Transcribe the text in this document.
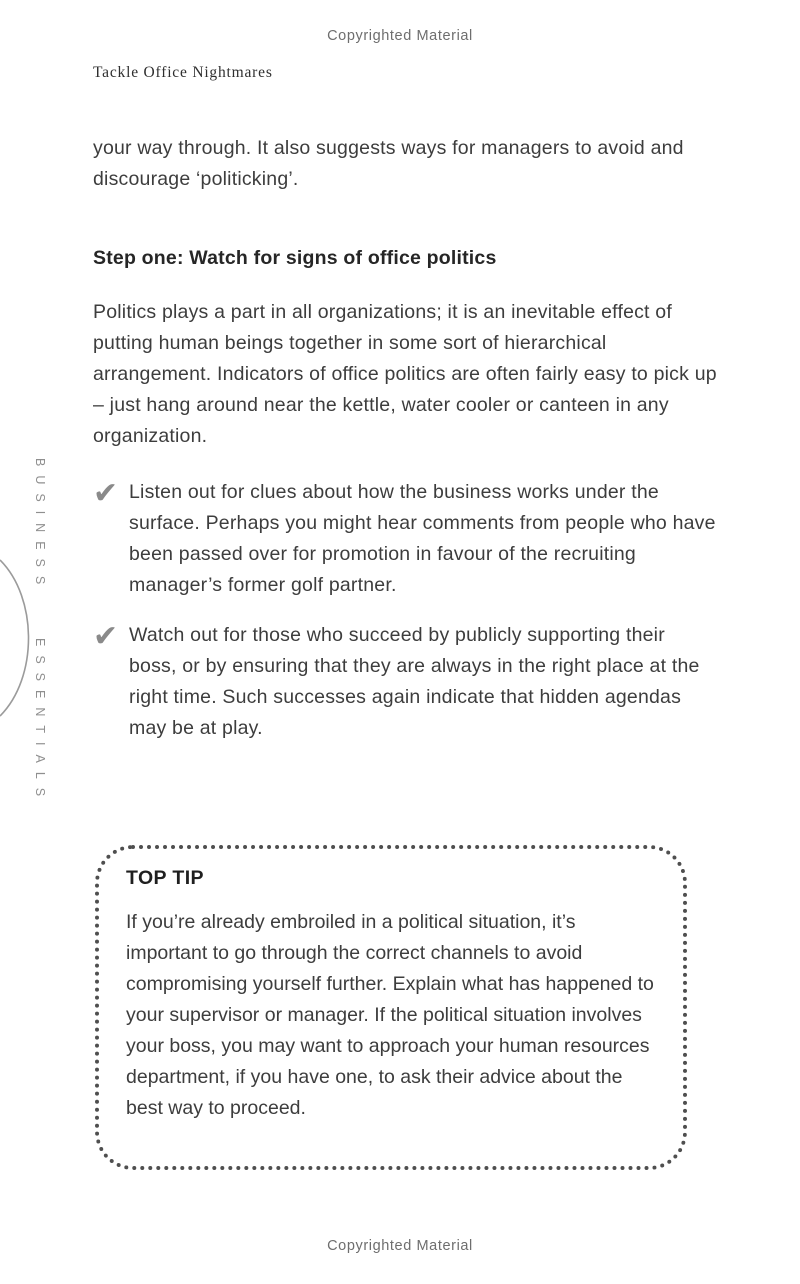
Copyrighted Material
Tackle Office Nightmares
BUSINESS
ESSENTIALS

your way through. It also suggests ways for managers to avoid and discourage ‘politicking’.

Step one: Watch for signs of office politics

Politics plays a part in all organizations; it is an inevitable effect of putting human beings together in some sort of hierarchical arrangement. Indicators of office politics are often fairly easy to pick up – just hang around near the kettle, water cooler or canteen in any organization.

✔ Listen out for clues about how the business works under the surface. Perhaps you might hear comments from people who have been passed over for promotion in favour of the recruiting manager’s former golf partner.
✔ Watch out for those who succeed by publicly supporting their boss, or by ensuring that they are always in the right place at the right time. Such successes again indicate that hidden agendas may be at play.
TOP TIP
If you’re already embroiled in a political situation, it’s important to go through the correct channels to avoid compromising yourself further. Explain what has happened to your supervisor or manager. If the political situation involves your boss, you may want to approach your human resources department, if you have one, to ask their advice about the best way to proceed.
Copyrighted Material
